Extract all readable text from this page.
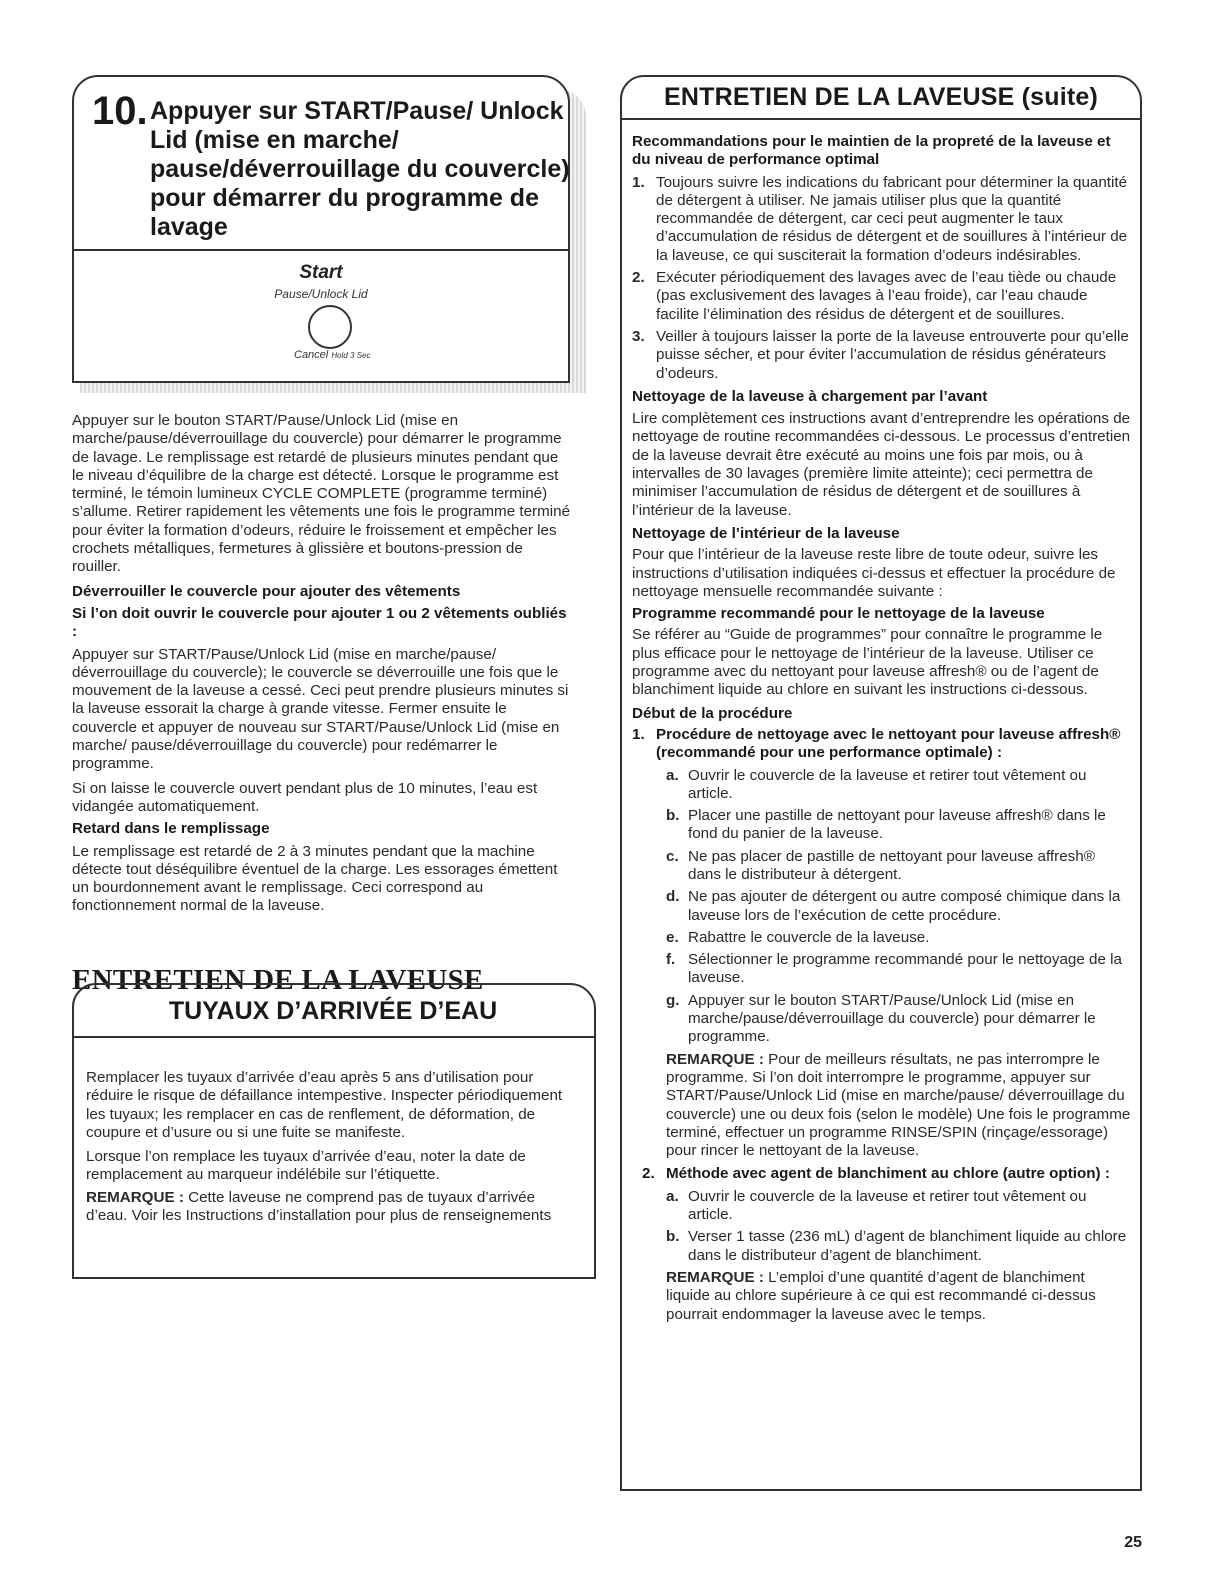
10. Appuyer sur START/Pause/ Unlock Lid (mise en marche/ pause/déverrouillage du couvercle) pour démarrer du programme de lavage
Start
Pause/Unlock Lid
Cancel Hold 3 Sec

Appuyer sur le bouton START/Pause/Unlock Lid (mise en marche/pause/déverrouillage du couvercle) pour démarrer le programme de lavage. Le remplissage est retardé de plusieurs minutes pendant que le niveau d’équilibre de la charge est détecté. Lorsque le programme est terminé, le témoin lumineux CYCLE COMPLETE (programme terminé) s’allume. Retirer rapidement les vêtements une fois le programme terminé pour éviter la formation d’odeurs, réduire le froissement et empêcher les crochets métalliques, fermetures à glissière et boutons-pression de rouiller.

Déverrouiller le couvercle pour ajouter des vêtements

Si l’on doit ouvrir le couvercle pour ajouter 1 ou 2 vêtements oubliés :

Appuyer sur START/Pause/Unlock Lid (mise en marche/pause/ déverrouillage du couvercle); le couvercle se déverrouille une fois que le mouvement de la laveuse a cessé. Ceci peut prendre plusieurs minutes si la laveuse essorait la charge à grande vitesse. Fermer ensuite le couvercle et appuyer de nouveau sur START/Pause/Unlock Lid (mise en marche/ pause/déverrouillage du couvercle) pour redémarrer le programme.

Si on laisse le couvercle ouvert pendant plus de 10 minutes, l’eau est vidangée automatiquement.

Retard dans le remplissage

Le remplissage est retardé de 2 à 3 minutes pendant que la machine détecte tout déséquilibre éventuel de la charge. Les essorages émettent un bourdonnement avant le remplissage. Ceci correspond au fonctionnement normal de la laveuse.

ENTRETIEN DE LA LAVEUSE
TUYAUX D’ARRIVÉE D’EAU

Remplacer les tuyaux d’arrivée d’eau après 5 ans d’utilisation pour réduire le risque de défaillance intempestive. Inspecter périodiquement les tuyaux; les remplacer en cas de renflement, de déformation, de coupure et d’usure ou si une fuite se manifeste.

Lorsque l’on remplace les tuyaux d’arrivée d’eau, noter la date de remplacement au marqueur indélébile sur l’étiquette.

REMARQUE : Cette laveuse ne comprend pas de tuyaux d’arrivée d’eau. Voir les Instructions d’installation pour plus de renseignements

ENTRETIEN DE LA LAVEUSE (suite)

Recommandations pour le maintien de la propreté de la laveuse et du niveau de performance optimal

1. Toujours suivre les indications du fabricant pour déterminer la quantité de détergent à utiliser. Ne jamais utiliser plus que la quantité recommandée de détergent, car ceci peut augmenter le taux d’accumulation de résidus de détergent et de souillures à l’intérieur de la laveuse, ce qui susciterait la formation d’odeurs indésirables.
2. Exécuter périodiquement des lavages avec de l’eau tiède ou chaude (pas exclusivement des lavages à l’eau froide), car l’eau chaude facilite l’élimination des résidus de détergent et de souillures.
3. Veiller à toujours laisser la porte de la laveuse entrouverte pour qu’elle puisse sécher, et pour éviter l’accumulation de résidus générateurs d’odeurs.

Nettoyage de la laveuse à chargement par l’avant

Lire complètement ces instructions avant d’entreprendre les opérations de nettoyage de routine recommandées ci-dessous. Le processus d’entretien de la laveuse devrait être exécuté au moins une fois par mois, ou à intervalles de 30 lavages (première limite atteinte); ceci permettra de minimiser l’accumulation de résidus de détergent et de souillures à l’intérieur de la laveuse.

Nettoyage de l’intérieur de la laveuse

Pour que l’intérieur de la laveuse reste libre de toute odeur, suivre les instructions d’utilisation indiquées ci-dessus et effectuer la procédure de nettoyage mensuelle recommandée suivante :

Programme recommandé pour le nettoyage de la laveuse

Se référer au “Guide de programmes” pour connaître le programme le plus efficace pour le nettoyage de l’intérieur de la laveuse. Utiliser ce programme avec du nettoyant pour laveuse affresh® ou de l’agent de blanchiment liquide au chlore en suivant les instructions ci-dessous.

Début de la procédure

1. Procédure de nettoyage avec le nettoyant pour laveuse affresh® (recommandé pour une performance optimale) :
a. Ouvrir le couvercle de la laveuse et retirer tout vêtement ou article.
b. Placer une pastille de nettoyant pour laveuse affresh® dans le fond du panier de la laveuse.
c. Ne pas placer de pastille de nettoyant pour laveuse affresh® dans le distributeur à détergent.
d. Ne pas ajouter de détergent ou autre composé chimique dans la laveuse lors de l’exécution de cette procédure.
e. Rabattre le couvercle de la laveuse.
f. Sélectionner le programme recommandé pour le nettoyage de la laveuse.
g. Appuyer sur le bouton START/Pause/Unlock Lid (mise en marche/pause/déverrouillage du couvercle) pour démarrer le programme.

REMARQUE : Pour de meilleurs résultats, ne pas interrompre le programme. Si l’on doit interrompre le programme, appuyer sur START/Pause/Unlock Lid (mise en marche/pause/ déverrouillage du couvercle) une ou deux fois (selon le modèle) Une fois le programme terminé, effectuer un programme RINSE/SPIN (rinçage/essorage) pour rincer le nettoyant de la laveuse.

2. Méthode avec agent de blanchiment au chlore (autre option) :
a. Ouvrir le couvercle de la laveuse et retirer tout vêtement ou article.
b. Verser 1 tasse (236 mL) d’agent de blanchiment liquide au chlore dans le distributeur d’agent de blanchiment.

REMARQUE : L’emploi d’une quantité d’agent de blanchiment liquide au chlore supérieure à ce qui est recommandé ci-dessus pourrait endommager la laveuse avec le temps.

25
